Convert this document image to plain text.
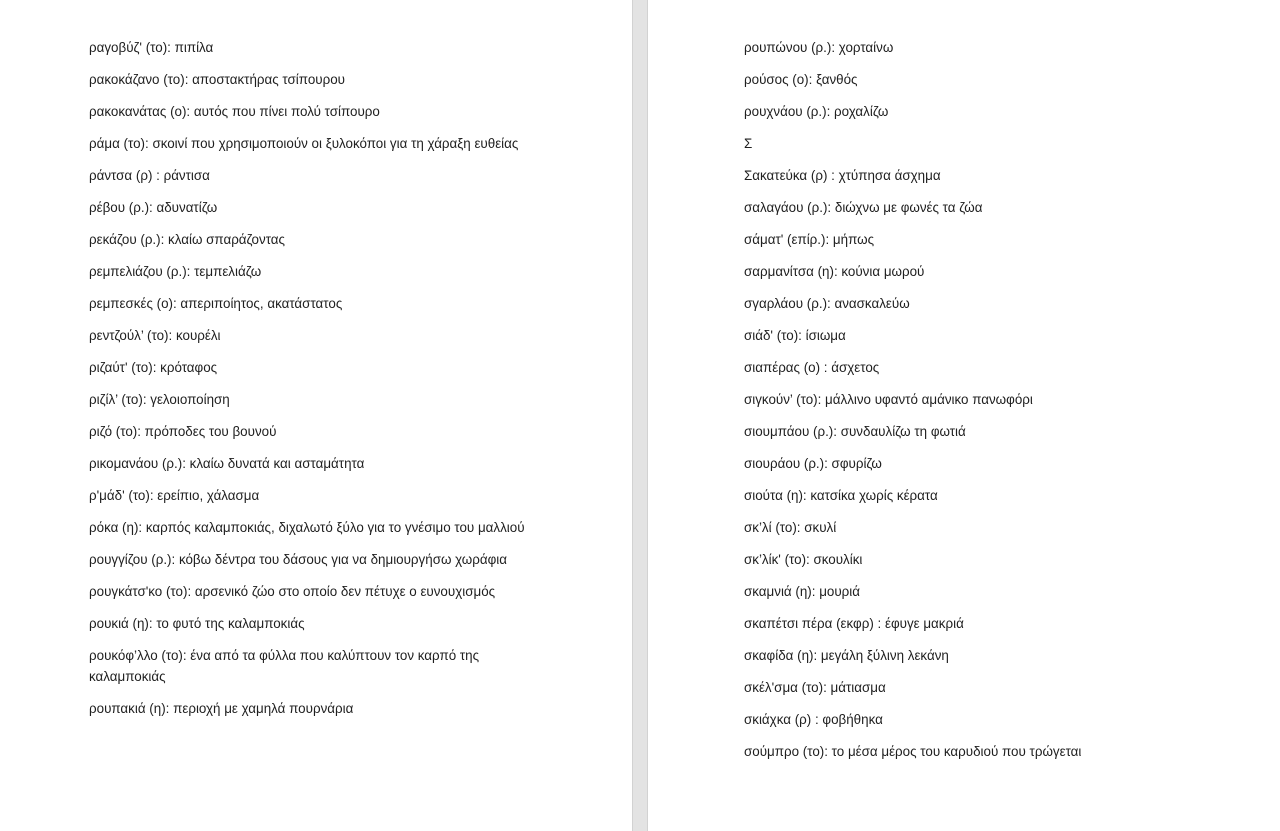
ραγοβύζ' (το): πιπίλα
ρακοκάζανο (το): αποστακτήρας τσίπουρου
ρακοκανάτας (ο): αυτός που πίνει πολύ τσίπουρο
ράμα (το): σκοινί που χρησιμοποιούν οι ξυλοκόποι για τη χάραξη ευθείας
ράντσα (ρ) : ράντισα
ρέβου (ρ.): αδυνατίζω
ρεκάζου (ρ.): κλαίω σπαράζοντας
ρεμπελιάζου (ρ.): τεμπελιάζω
ρεμπεσκές (ο): απεριποίητος, ακατάστατος
ρεντζούλ’ (το): κουρέλι
ριζαύτ' (το): κρόταφος
ριζίλ’ (το): γελοιοποίηση
ριζό (το): πρόποδες του βουνού
ρικομανάου (ρ.): κλαίω δυνατά και ασταμάτητα
ρ'μάδ' (το): ερείπιο, χάλασμα
ρόκα (η): καρπός καλαμποκιάς, διχαλωτό ξύλο για το γνέσιμο του μαλλιού
ρουγγίζου (ρ.): κόβω δέντρα του δάσους για να δημιουργήσω χωράφια
ρουγκάτσ'κο (το): αρσενικό ζώο στο οποίο δεν πέτυχε ο ευνουχισμός
ρουκιά (η): το φυτό της καλαμποκιάς
ρουκόφ’λλο (το): ένα από τα φύλλα που καλύπτουν τον καρπό της καλαμποκιάς
ρουπακιά (η): περιοχή με χαμηλά πουρνάρια
ρουπώνου (ρ.): χορταίνω
ρούσος (ο): ξανθός
ρουχνάου (ρ.): ροχαλίζω
Σ
Σακατεύκα (ρ) : χτύπησα άσχημα
σαλαγάου (ρ.): διώχνω με φωνές τα ζώα
σάματ' (επίρ.): μήπως
σαρμανίτσα (η): κούνια μωρού
σγαρλάου (ρ.): ανασκαλεύω
σιάδ' (το): ίσιωμα
σιαπέρας (ο) : άσχετος
σιγκούν’ (το): μάλλινο υφαντό αμάνικο πανωφόρι
σιουμπάου (ρ.): συνδαυλίζω τη φωτιά
σιουράου (ρ.): σφυρίζω
σιούτα (η): κατσίκα χωρίς κέρατα
σκ’λί (το): σκυλί
σκ’λίκ' (το): σκουλίκι
σκαμνιά (η): μουριά
σκαπέτσι πέρα (εκφρ) : έφυγε μακριά
σκαφίδα (η): μεγάλη ξύλινη λεκάνη
σκέλ'σμα (το): μάτιασμα
σκιάχκα (ρ) : φοβήθηκα
σούμπρο (το): το μέσα μέρος του καρυδιού που τρώγεται
